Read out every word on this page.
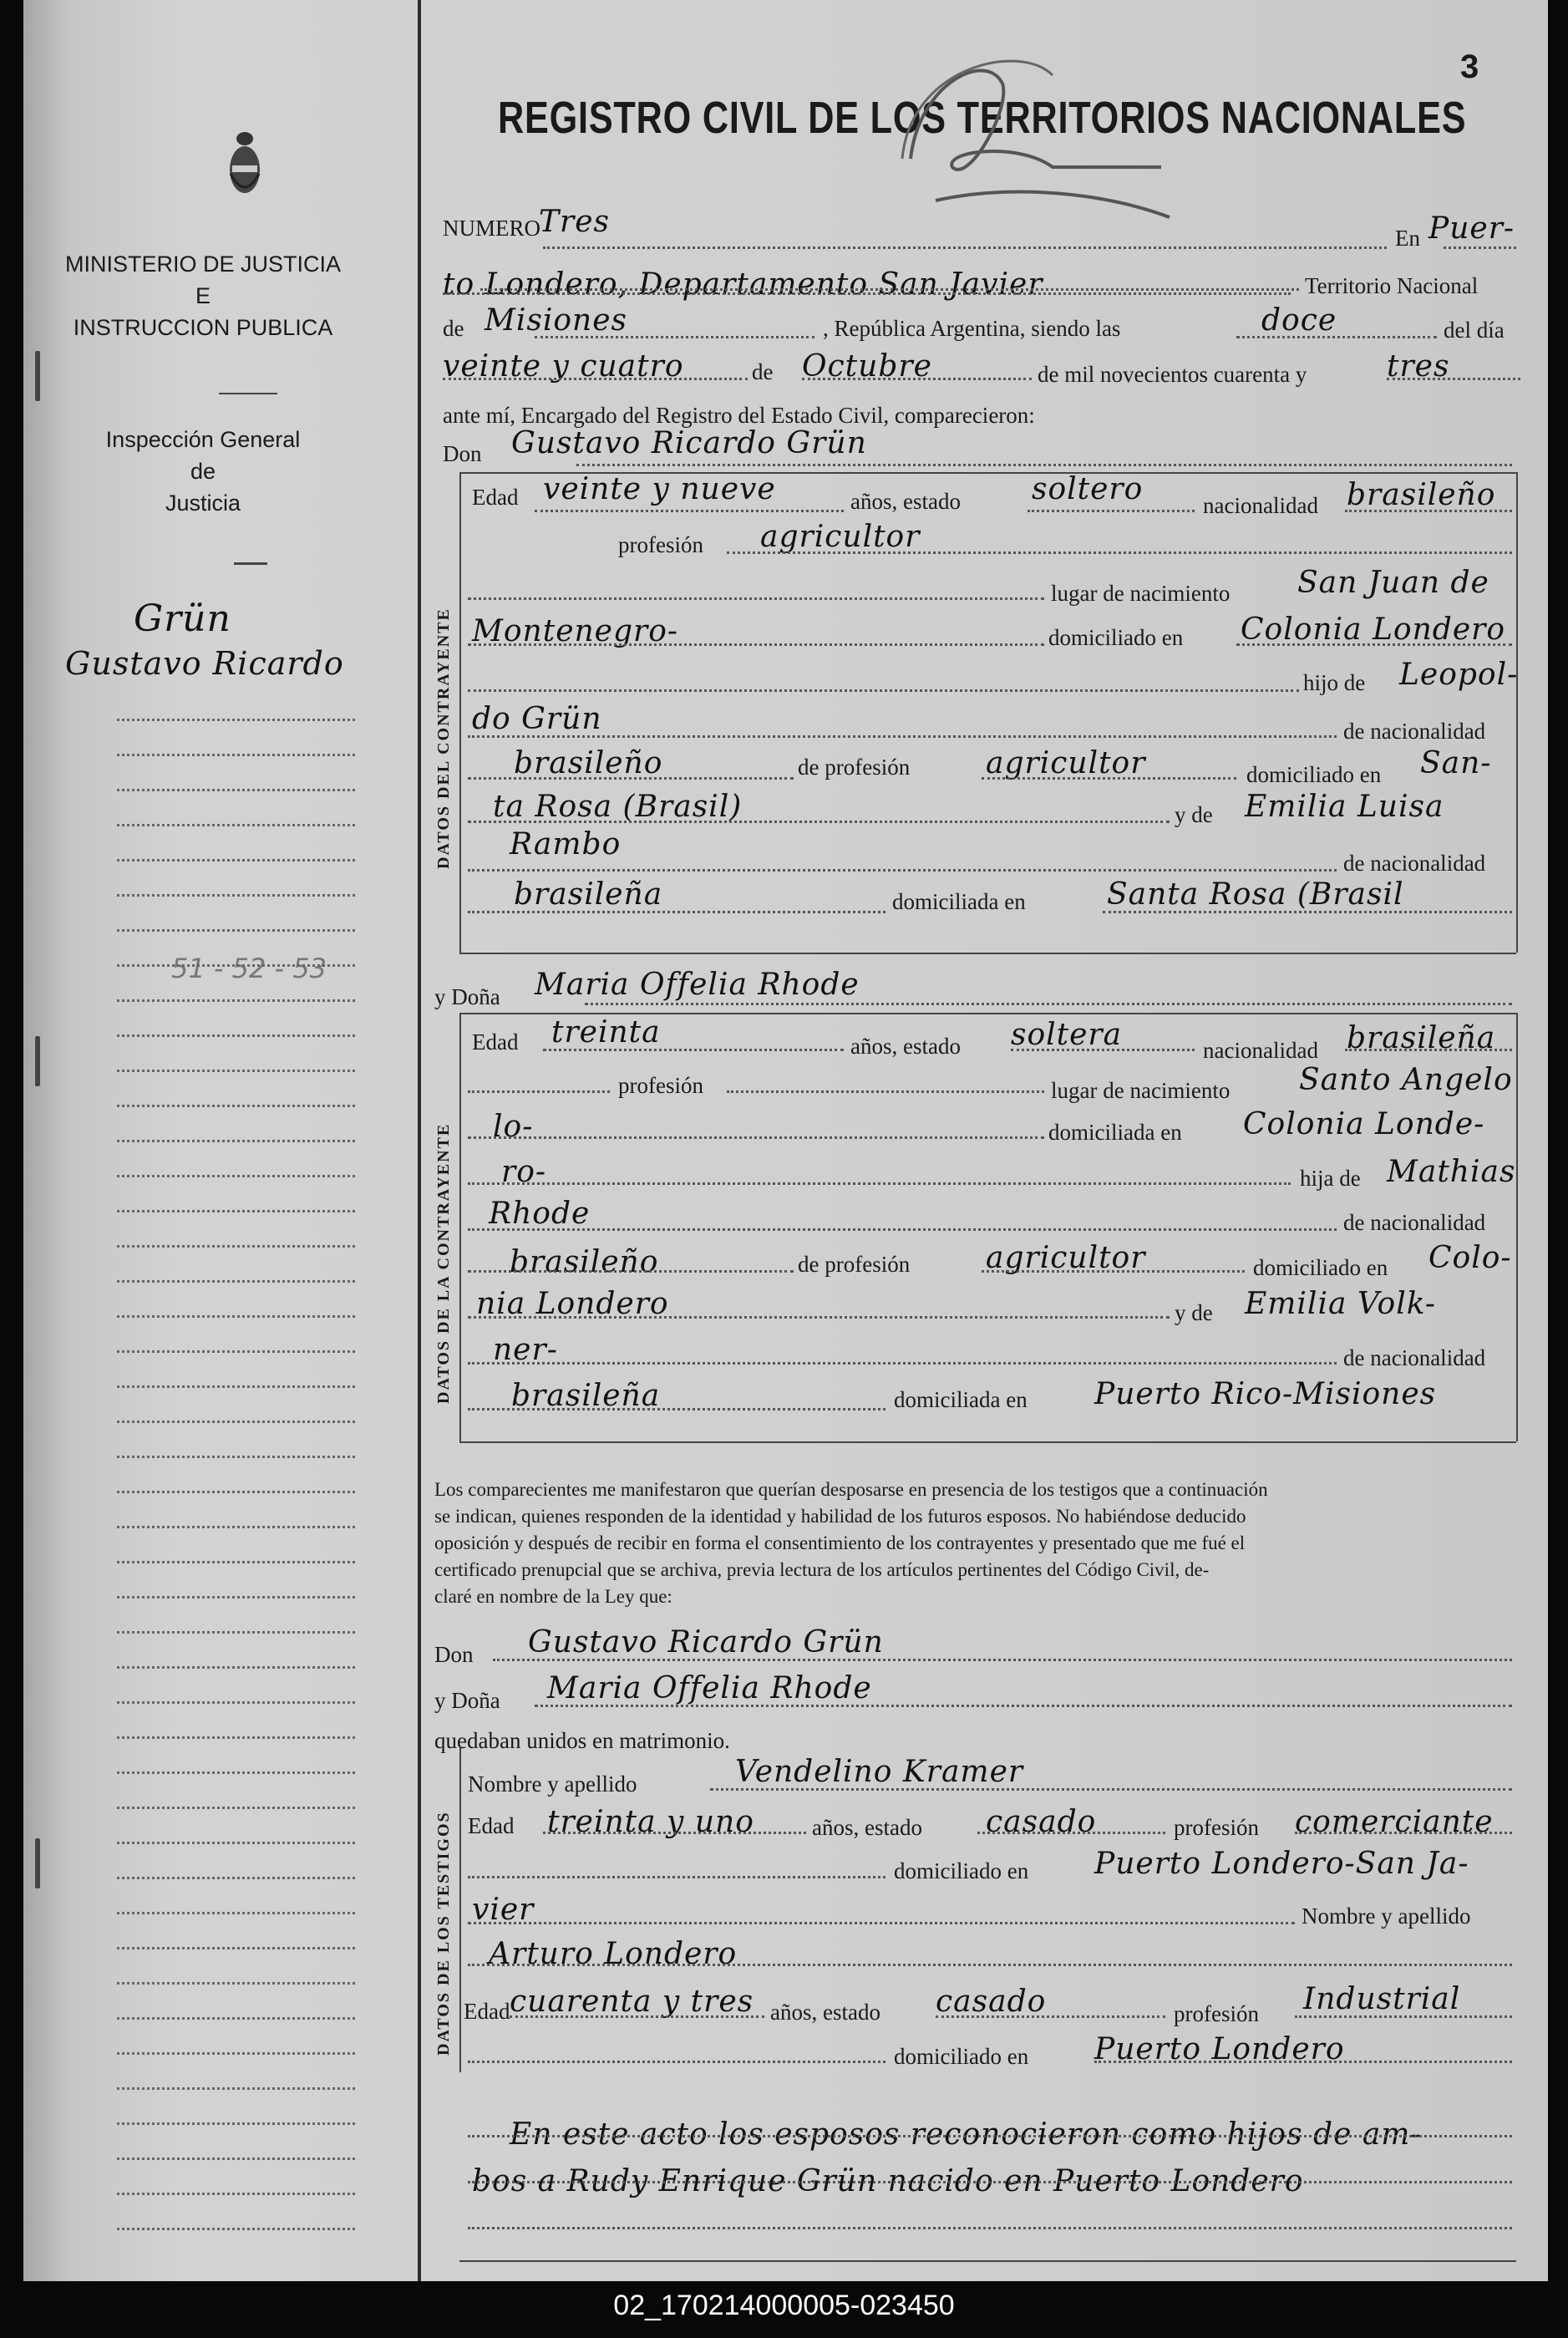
MINISTERIO DE JUSTICIA
E
INSTRUCCION PUBLICA
Inspección General
de
Justicia
Grün
Gustavo Ricardo
51 - 52 - 53
3
REGISTRO CIVIL DE LOS TERRITORIOS NACIONALES
NUMERO
Tres	En Puer-
to Londero, Departamento San Javier	Territorio Nacional
de Misiones	, República Argentina, siendo las	doce	del día
veinte y cuatro	de Octubre	de mil novecientos cuarenta y	tres
ante mí, Encargado del Registro del Estado Civil, comparecieron:
Don Gustavo Ricardo Grün
Edad veinte y nueve	años, estado soltero	nacionalidad brasileño
profesión agricultor
lugar de nacimiento San Juan de
Montenegro-	domiciliado en Colonia Londero
hijo de Leopol-
do Grün	de nacionalidad
brasileño	de profesión	agricultor	domiciliado en San-
ta Rosa (Brasil)	y de Emilia Luisa
Rambo
de nacionalidad
brasileña	domiciliada en	Santa Rosa (Brasil
y Doña Maria Offelia Rhode
Edad treinta	años, estado soltera	nacionalidad brasileña
profesión	lugar de nacimiento Santo Angelo
lo-	domiciliada en Colonia Londe-
ro-	hija de Mathias
Rhode	de nacionalidad
brasileño	de profesión	agricultor	domiciliado en Colo-
nia Londero	y de Emilia Volk-
ner-	de nacionalidad
brasileña	domiciliada en Puerto Rico-Misiones
Don Gustavo Ricardo Grün
y Doña Maria Offelia Rhode
quedaban unidos en matrimonio.
Nombre y apellido	Vendelino Kramer
Edad treinta y uno	años, estado casado	profesión comerciante
domiciliado en Puerto Londero-San Ja-
vier	Nombre y apellido
Arturo Londero
Edad cuarenta y tres años, estado casado	profesión Industrial
domiciliado en Puerto Londero
En este acto los esposos reconocieron como hijos de am-
bos a Rudy Enrique Grün nacido en Puerto Londero
Los comparecientes me manifestaron que querían desposarse en presencia de los testigos que a continuación
se indican, quienes responden de la identidad y habilidad de los futuros esposos. No habiéndose deducido
oposición y después de recibir en forma el consentimiento de los contrayentes y presentado que me fué el
certificado prenupcial que se archiva, previa lectura de los artículos pertinentes del Código Civil, de-
claré en nombre de la Ley que:
DATOS DEL CONTRAYENTE
DATOS DE LA CONTRAYENTE
DATOS DE LOS TESTIGOS
02_170214000005-023450
